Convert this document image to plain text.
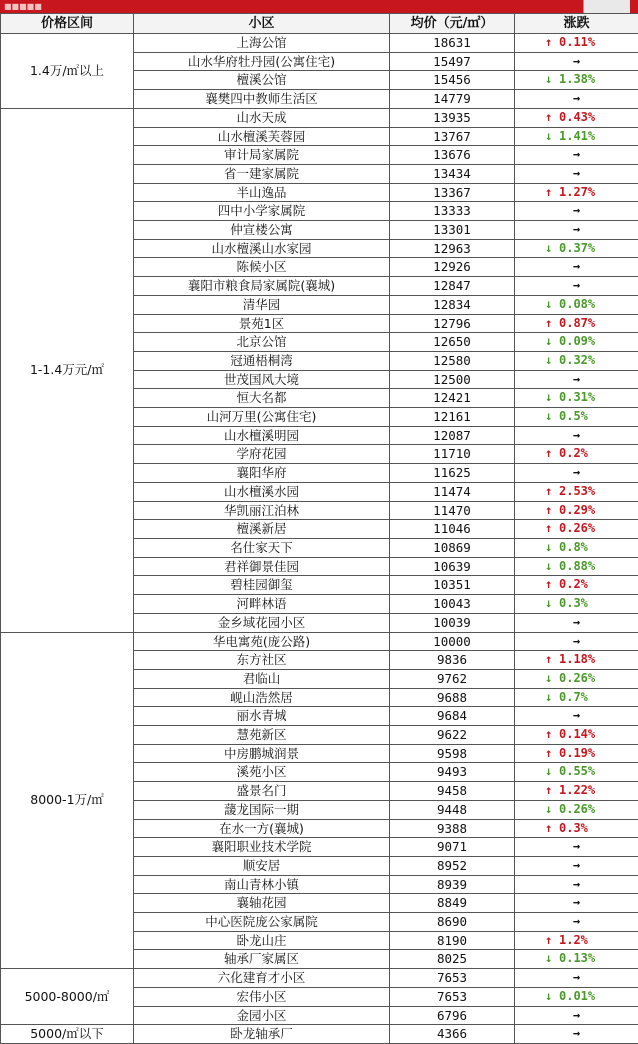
■■■■■
价格区间	小区	均价（元/㎡）	涨跌
1.4万/㎡以上	上海公馆	18631	↑ 0.11%
	山水华府牡丹园(公寓住宅)	15497	→
	檀溪公馆	15456	↓ 1.38%
	襄樊四中教师生活区	14779	→
1-1.4万元/㎡	山水天成	13935	↑ 0.43%
	山水檀溪芙蓉园	13767	↓ 1.41%
	审计局家属院	13676	→
	省一建家属院	13434	→
	半山逸品	13367	↑ 1.27%
	四中小学家属院	13333	→
	仲宣楼公寓	13301	→
	山水檀溪山水家园	12963	↓ 0.37%
	陈候小区	12926	→
	襄阳市粮食局家属院(襄城)	12847	→
	清华园	12834	↓ 0.08%
	景苑1区	12796	↑ 0.87%
	北京公馆	12650	↓ 0.09%
	冠通梧桐湾	12580	↓ 0.32%
	世茂国风大境	12500	→
	恒大名都	12421	↓ 0.31%
	山河万里(公寓住宅)	12161	↓ 0.5%
	山水檀溪明园	12087	→
	学府花园	11710	↑ 0.2%
	襄阳华府	11625	→
	山水檀溪水园	11474	↑ 2.53%
	华凯丽江泊林	11470	↑ 0.29%
	檀溪新居	11046	↑ 0.26%
	名仕家天下	10869	↓ 0.8%
	君祥御景佳园	10639	↓ 0.88%
	碧桂园御玺	10351	↑ 0.2%
	河畔林语	10043	↓ 0.3%
	金乡域花园小区	10039	→
8000-1万/㎡	华电寓苑(庞公路)	10000	→
	东方社区	9836	↑ 1.18%
	君临山	9762	↓ 0.26%
	岘山浩然居	9688	↓ 0.7%
	丽水青城	9684	→
	慧苑新区	9622	↑ 0.14%
	中房鹏城润景	9598	↑ 0.19%
	溪苑小区	9493	↓ 0.55%
	盛景名门	9458	↑ 1.22%
	蘐龙国际一期	9448	↓ 0.26%
	在水一方(襄城)	9388	↑ 0.3%
	襄阳职业技术学院	9071	→
	顺安居	8952	→
	南山青林小镇	8939	→
	襄轴花园	8849	→
	中心医院庞公家属院	8690	→
	卧龙山庄	8190	↑ 1.2%
	轴承厂家属区	8025	↓ 0.13%
5000-8000/㎡	六化建育才小区	7653	→
	宏伟小区	7653	↓ 0.01%
	金园小区	6796	→
5000/㎡以下	卧龙轴承厂	4366	→
